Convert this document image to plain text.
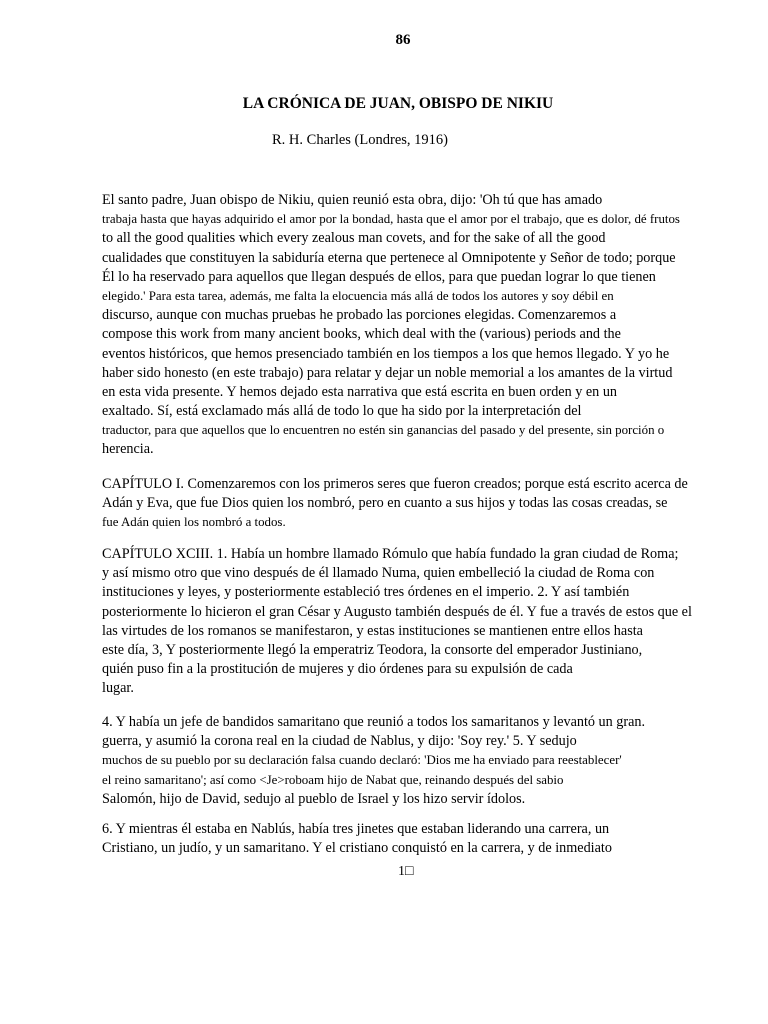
86
LA CRÓNICA DE JUAN, OBISPO DE NIKIU
R. H. Charles (Londres, 1916)
El santo padre, Juan obispo de Nikiu, quien reunió esta obra, dijo: 'Oh tú que has amado
trabaja hasta que hayas adquirido el amor por la bondad, hasta que el amor por el trabajo, que es dolor, dé frutos
to all the good qualities which every zealous man covets, and for the sake of all the good
cualidades que constituyen la sabiduría eterna que pertenece al Omnipotente y Señor de todo; porque
Él lo ha reservado para aquellos que llegan después de ellos, para que puedan lograr lo que tienen
elegido.' Para esta tarea, además, me falta la elocuencia más allá de todos los autores y soy débil en
discurso, aunque con muchas pruebas he probado las porciones elegidas. Comenzaremos a
compose this work from many ancient books, which deal with the (various) periods and the
eventos históricos, que hemos presenciado también en los tiempos a los que hemos llegado. Y yo he
haber sido honesto (en este trabajo) para relatar y dejar un noble memorial a los amantes de la virtud
en esta vida presente. Y hemos dejado esta narrativa que está escrita en buen orden y en un
exaltado. Sí, está exclamado más allá de todo lo que ha sido por la interpretación del
traductor, para que aquellos que lo encuentren no estén sin ganancias del pasado y del presente, sin porción o
herencia.
CAPÍTULO I. Comenzaremos con los primeros seres que fueron creados; porque está escrito acerca de
Adán y Eva, que fue Dios quien los nombró, pero en cuanto a sus hijos y todas las cosas creadas, se
fue Adán quien los nombró a todos.
CAPÍTULO XCIII. 1. Había un hombre llamado Rómulo que había fundado la gran ciudad de Roma;
y así mismo otro que vino después de él llamado Numa, quien embelleció la ciudad de Roma con
instituciones y leyes, y posteriormente estableció tres órdenes en el imperio. 2. Y así también
posteriormente lo hicieron el gran César y Augusto también después de él. Y fue a través de estos que el
las virtudes de los romanos se manifestaron, y estas instituciones se mantienen entre ellos hasta
este día, 3, Y posteriormente llegó la emperatriz Teodora, la consorte del emperador Justiniano,
quién puso fin a la prostitución de mujeres y dio órdenes para su expulsión de cada
lugar.
4. Y había un jefe de bandidos samaritano que reunió a todos los samaritanos y levantó un gran.
guerra, y asumió la corona real en la ciudad de Nablus, y dijo: 'Soy rey.' 5. Y sedujo
muchos de su pueblo por su declaración falsa cuando declaró: 'Dios me ha enviado para reestablecer'
el reino samaritano'; así como <Je>roboam hijo de Nabat que, reinando después del sabio
Salomón, hijo de David, sedujo al pueblo de Israel y los hizo servir ídolos.
6. Y mientras él estaba en Nablús, había tres jinetes que estaban liderando una carrera, un
Cristiano, un judío, y un samaritano. Y el cristiano conquistó en la carrera, y de inmediato
1□
